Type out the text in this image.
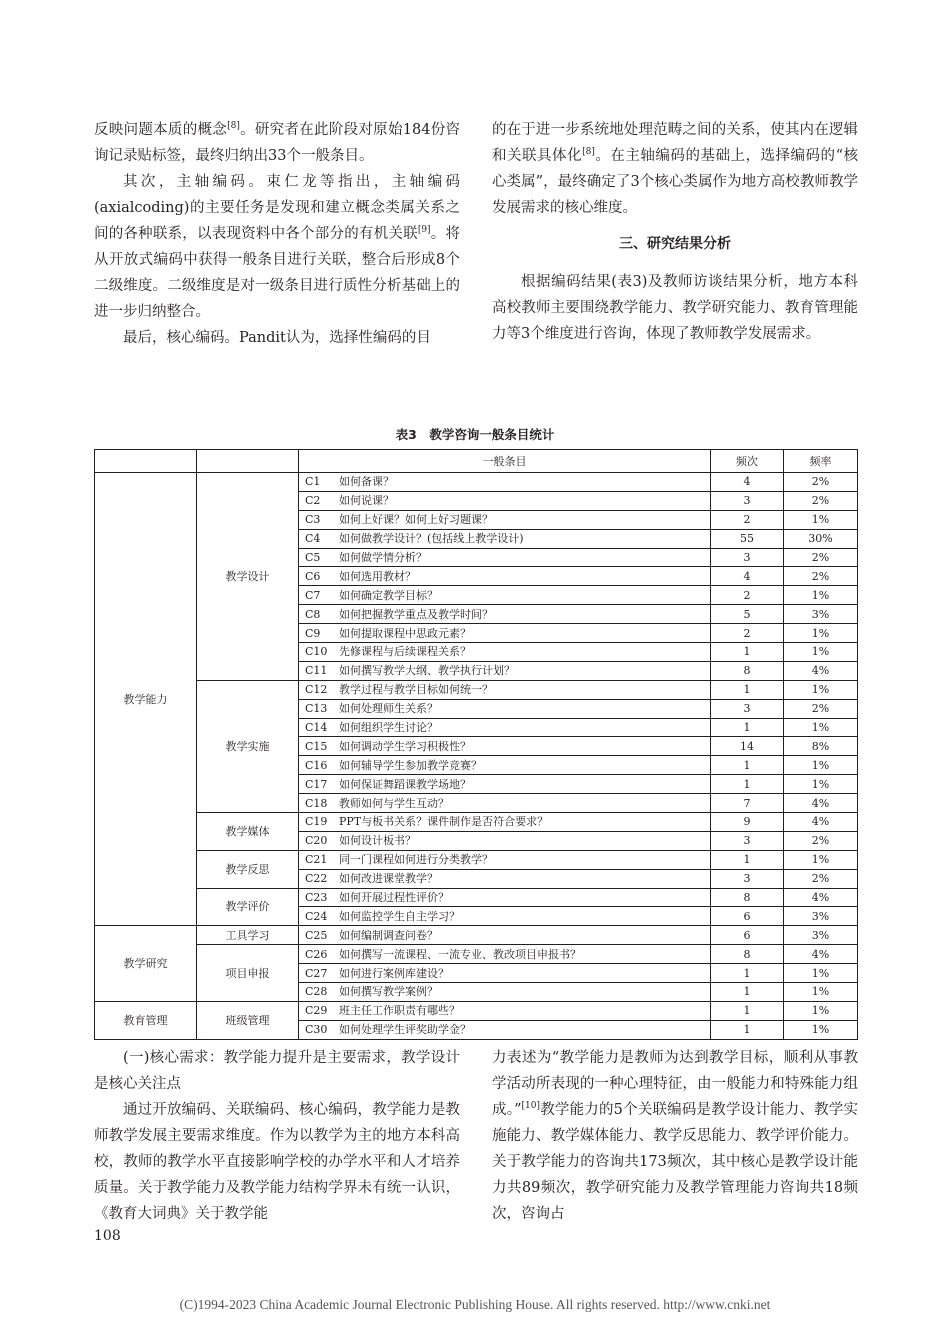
反映问题本质的概念[8]。研究者在此阶段对原始184份咨询记录贴标签，最终归纳出33个一般条目。

其次，主轴编码。束仁龙等指出，主轴编码(axialcoding)的主要任务是发现和建立概念类属关系之间的各种联系，以表现资料中各个部分的有机关联[9]。将从开放式编码中获得一般条目进行关联，整合后形成8个二级维度。二级维度是对一级条目进行质性分析基础上的进一步归纳整合。

最后，核心编码。Pandit认为，选择性编码的目

的在于进一步系统地处理范畴之间的关系，使其内在逻辑和关联具体化[8]。在主轴编码的基础上，选择编码的“核心类属”，最终确定了3个核心类属作为地方高校教师教学发展需求的核心维度。

三、研究结果分析

根据编码结果(表3)及教师访谈结果分析，地方本科高校教师主要围绕教学能力、教学研究能力、教育管理能力等3个维度进行咨询，体现了教师教学发展需求。

表3　教学咨询一般条目统计
		一般条目	频次	频率
教学能力	教学设计	C1 如何备课？	4	2%
		C2 如何说课？	3	2%
		C3 如何上好课？如何上好习题课？	2	1%
		C4 如何做教学设计？(包括线上教学设计)	55	30%
		C5 如何做学情分析？	3	2%
		C6 如何选用教材？	4	2%
		C7 如何确定教学目标？	2	1%
		C8 如何把握教学重点及教学时间？	5	3%
		C9 如何提取课程中思政元素？	2	1%
		C10 先修课程与后续课程关系？	1	1%
		C11 如何撰写教学大纲、教学执行计划？	8	4%
	教学实施	C12 教学过程与教学目标如何统一？	1	1%
		C13 如何处理师生关系？	3	2%
		C14 如何组织学生讨论？	1	1%
		C15 如何调动学生学习积极性？	14	8%
		C16 如何辅导学生参加教学竞赛？	1	1%
		C17 如何保证舞蹈课教学场地？	1	1%
		C18 教师如何与学生互动？	7	4%
	教学媒体	C19 PPT与板书关系？课件制作是否符合要求？	9	4%
		C20 如何设计板书？	3	2%
	教学反思	C21 同一门课程如何进行分类教学？	1	1%
		C22 如何改进课堂教学？	3	2%
	教学评价	C23 如何开展过程性评价？	8	4%
		C24 如何监控学生自主学习？	6	3%
教学研究	工具学习	C25 如何编制调查问卷？	6	3%
	项目申报	C26 如何撰写一流课程、一流专业、教改项目申报书？	8	4%
		C27 如何进行案例库建设？	1	1%
		C28 如何撰写教学案例？	1	1%
教育管理	班级管理	C29 班主任工作职责有哪些？	1	1%
		C30 如何处理学生评奖助学金？	1	1%

(一)核心需求：教学能力提升是主要需求，教学设计是核心关注点

通过开放编码、关联编码、核心编码，教学能力是教师教学发展主要需求维度。作为以教学为主的地方本科高校，教师的教学水平直接影响学校的办学水平和人才培养质量。关于教学能力及教学能力结构学界未有统一认识，《教育大词典》关于教学能

力表述为“教学能力是教师为达到教学目标，顺利从事教学活动所表现的一种心理特征，由一般能力和特殊能力组成。”[10]教学能力的5个关联编码是教学设计能力、教学实施能力、教学媒体能力、教学反思能力、教学评价能力。关于教学能力的咨询共173频次，其中核心是教学设计能力共89频次，教学研究能力及教学管理能力咨询共18频次，咨询占

108
(C)1994-2023 China Academic Journal Electronic Publishing House. All rights reserved. http://www.cnki.net
